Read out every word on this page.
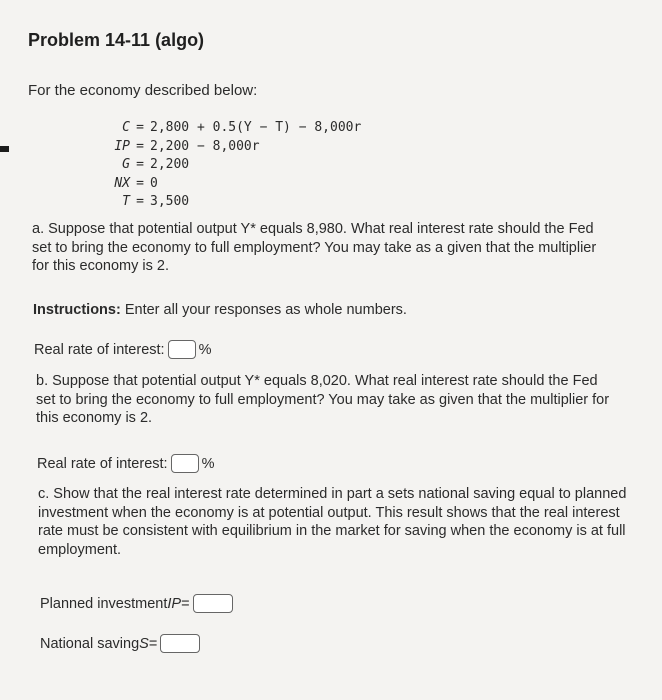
Problem 14-11 (algo)
For the economy described below:
C = 2,800 + 0.5(Y − T) − 8,000r
IP = 2,200 − 8,000r
G = 2,200
NX = 0
T = 3,500
a. Suppose that potential output Y* equals 8,980. What real interest rate should the Fed set to bring the economy to full employment? You may take as a given that the multiplier for this economy is 2.
Instructions: Enter all your responses as whole numbers.
Real rate of interest: %
b. Suppose that potential output Y* equals 8,020. What real interest rate should the Fed set to bring the economy to full employment? You may take as given that the multiplier for this economy is 2.
Real rate of interest: %
c. Show that the real interest rate determined in part a sets national saving equal to planned investment when the economy is at potential output. This result shows that the real interest rate must be consistent with equilibrium in the market for saving when the economy is at full employment.
Planned investment IP =
National saving S =
